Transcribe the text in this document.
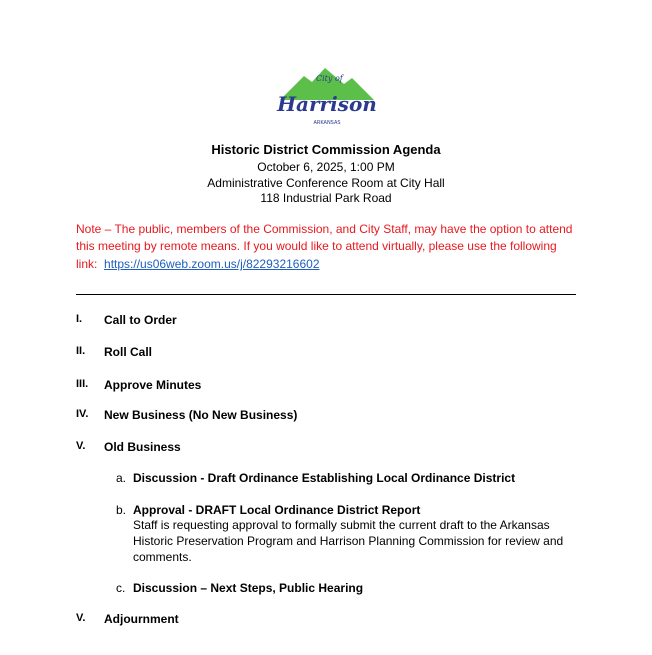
City of
Harrison
ARKANSAS
Historic District Commission Agenda
October 6, 2025, 1:00 PM
Administrative Conference Room at City Hall
118 Industrial Park Road
Note – The public, members of the Commission, and City Staff, may have the option to attend
this meeting by remote means. If you would like to attend virtually, please use the following
link: https://us06web.zoom.us/j/82293216602
I. Call to Order
II. Roll Call
III. Approve Minutes
IV. New Business (No New Business)
V. Old Business
a. Discussion - Draft Ordinance Establishing Local Ordinance District
b. Approval - DRAFT Local Ordinance District Report
Staff is requesting approval to formally submit the current draft to the Arkansas
Historic Preservation Program and Harrison Planning Commission for review and
comments.
c. Discussion – Next Steps, Public Hearing
V. Adjournment
